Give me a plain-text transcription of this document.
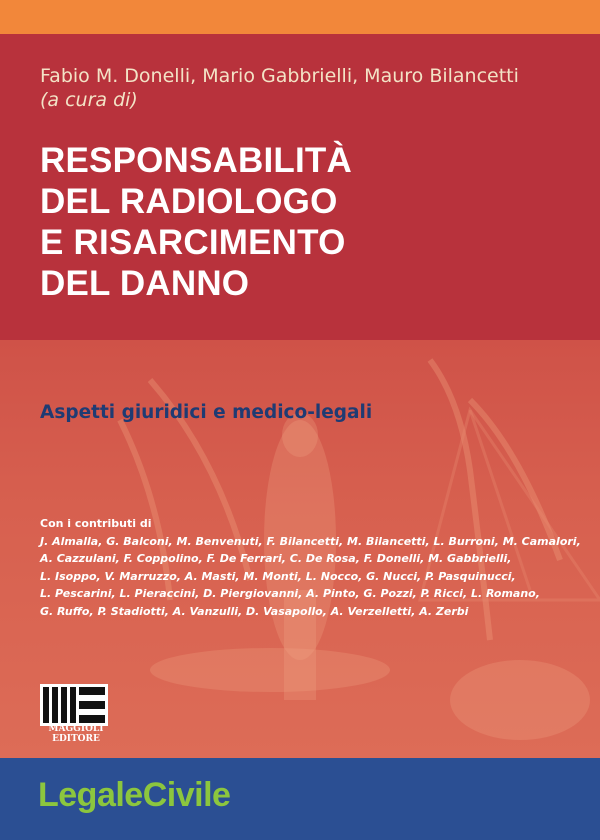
Fabio M. Donelli, Mario Gabbrielli, Mauro Bilancetti
(a cura di)
RESPONSABILITÀ
DEL RADIOLOGO
E RISARCIMENTO
DEL DANNO
Aspetti giuridici e medico-legali
Con i contributi di
J. Almalla, G. Balconi, M. Benvenuti, F. Bilancetti, M. Bilancetti, L. Burroni, M. Camalori,
A. Cazzulani, F. Coppolino, F. De Ferrari, C. De Rosa, F. Donelli, M. Gabbrielli,
L. Isoppo, V. Marruzzo, A. Masti, M. Monti, L. Nocco, G. Nucci, P. Pasquinucci,
L. Pescarini, L. Pieraccini, D. Piergiovanni, A. Pinto, G. Pozzi, P. Ricci, L. Romano,
G. Ruffo, P. Stadiotti, A. Vanzulli, D. Vasapollo, A. Verzelletti, A. Zerbi
MAGGIOLI
EDITORE
LegaleCivile
